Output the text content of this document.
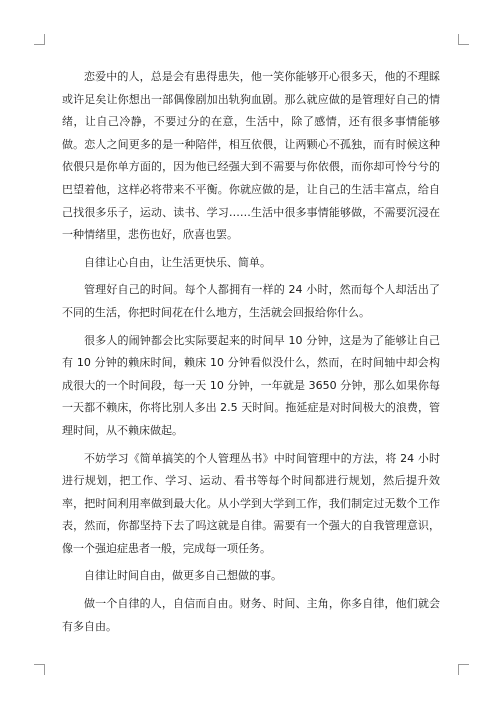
恋爱中的人，总是会有患得患失，他一笑你能够开心很多天，他的不理睬或许足矣让你想出一部偶像剧加出轨狗血剧。那么就应做的是管理好自己的情绪，让自己冷静，不要过分的在意，生活中，除了感情，还有很多事情能够做。恋人之间更多的是一种陪伴，相互依偎，让两颗心不孤独，而有时候这种依偎只是你单方面的，因为他已经强大到不需要与你依偎，而你却可怜兮兮的巴望着他，这样必将带来不平衡。你就应做的是，让自己的生活丰富点，给自己找很多乐子，运动、读书、学习……生活中很多事情能够做，不需要沉浸在一种情绪里，悲伤也好，欣喜也罢。

自律让心自由，让生活更快乐、简单。

管理好自己的时间。每个人都拥有一样的 24 小时，然而每个人却活出了不同的生活，你把时间花在什么地方，生活就会回报给你什么。

很多人的闹钟都会比实际要起来的时间早 10 分钟，这是为了能够让自己有 10 分钟的赖床时间，赖床 10 分钟看似没什么，然而，在时间轴中却会构成很大的一个时间段，每一天 10 分钟，一年就是 3650 分钟，那么如果你每一天都不赖床，你将比别人多出 2.5 天时间。拖延症是对时间极大的浪费，管理时间，从不赖床做起。

不妨学习《简单搞笑的个人管理丛书》中时间管理中的方法，将 24 小时进行规划，把工作、学习、运动、看书等每个时间都进行规划，然后提升效率，把时间利用率做到最大化。从小学到大学到工作，我们制定过无数个工作表，然而，你都坚持下去了吗这就是自律。需要有一个强大的自我管理意识，像一个强迫症患者一般，完成每一项任务。

自律让时间自由，做更多自己想做的事。

做一个自律的人，自信而自由。财务、时间、主角，你多自律，他们就会有多自由。
